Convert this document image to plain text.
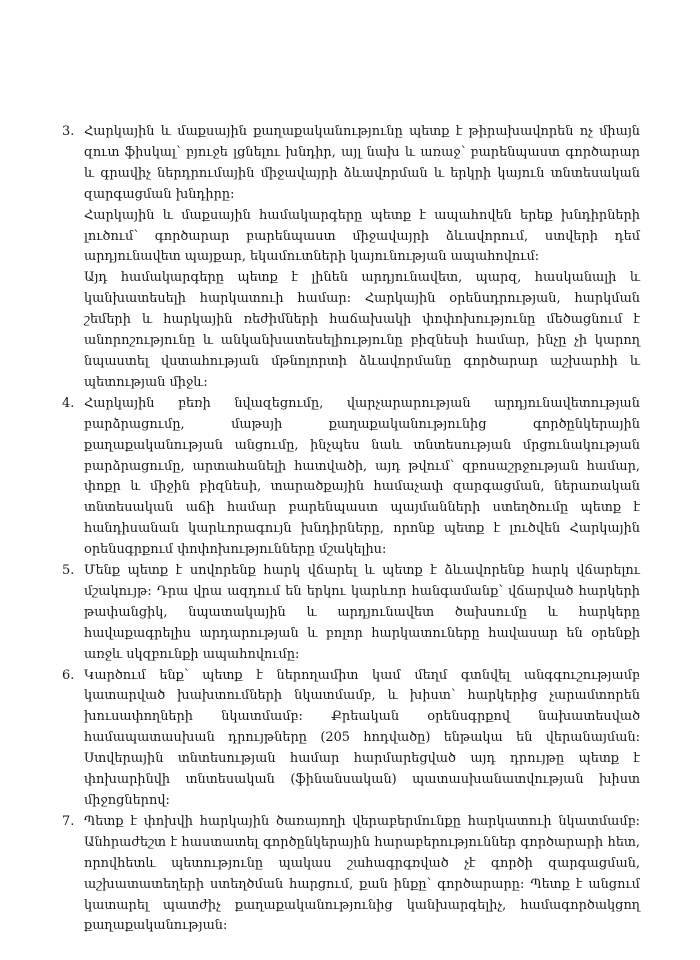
3. Հարկային և մաքսային քաղաքականությունը պետք է թիրախավորեն ոչ միայն զուտ ֆիսկալ՝ բյուջե լցնելու խնդիր, այլ նախ և առաջ՝ բարենպաստ գործարար և գրավիչ ներդրումային միջավայրի ձևավորման և երկրի կայուն տնտեսական զարգացման խնդիրը:

Հարկային և մաքսային համակարգերը պետք է ապահովեն երեք խնդիրների լուծում՝ գործարար բարենպաստ միջավայրի ձևավորում, ստվերի դեմ արդյունավետ պայքար, եկամուտների կայունության ապահովում:

Այդ համակարգերը պետք է լինեն արդյունավետ, պարզ, հասկանալի և կանխատեսելի հարկատուի համար: Հարկային օրենսդրության, հարկման շեմերի և հարկային ռեժիմների հաճախակի փոփոխությունը մեծացնում է անորոշությունը և անկանխատեսելիությունը բիզնեսի համար, ինչը չի կարող նպաստել վստահության մթնոլորտի ձևավորմանը գործարար աշխարհի և պետության միջև:

4. Հարկային բեռի նվազեցումը, վարչարարության արդյունավետության բարձրացումը, մաթսյի քաղաքականությունից գործընկերային քաղաքականության անցումը, ինչպես նաև տնտեսության մրցունակության բարձրացումը, արտահանելի հատվածի, այդ թվում՝ զբոսաշրջության համար, փոքր և միջին բիզնեսի, տարածքային համաչափ զարգացման, ներառական տնտեսական աճի համար բարենպաստ պայմանների ստեղծումը պետք է հանդիսանան կարևորագույն խնդիրները, որոնք պետք է լուծվեն Հարկային օրենսգրքում փոփոխությունները մշակելիս:

5. Մենք պետք է սովորենք հարկ վճարել և պետք է ձևավորենք հարկ վճարելու մշակույթ: Դրա վրա ազդում են երկու կարևոր հանգամանք՝ վճարված հարկերի թափանցիկ, նպատակային և արդյունավետ ծախսումը և հարկերը հավաքագրելիս արդարության և բոլոր հարկատուները հավասար են օրենքի առջև սկզբունքի ապահովումը:

6. Կարծում ենք՝ պետք է ներողամիտ կամ մեղմ գտնվել անգգուշությամբ կատարված խախտումների նկատմամբ, և խիստ՝ հարկերից չարամտորեն խուսափողների նկատմամբ: Քրեական օրենսգրքով նախատեսված համապատասխան դրույթները (205 հոդվածը) ենթակա են վերանայման: Ստվերային տնտեսության համար հարմարեցված այդ դրույթը պետք է փոխարինվի տնտեսական (ֆինանսական) պատասխանատվության խիստ միջոցներով:

7. Պետք է փոխվի հարկային ծառայողի վերաբերմունքը հարկատուի նկատմամբ: Անհրաժեշտ է հաստատել գործընկերային հարաբերություններ գործարարի հետ, որովհետև պետությունը պակաս շահագրգռված չէ գործի զարգացման, աշխատատեղերի ստեղծման հարցում, քան ինքը՝ գործարարը: Պետք է անցում կատարել պատժիչ քաղաքականությունից կանխարգելիչ, համագործակցող քաղաքականության:
